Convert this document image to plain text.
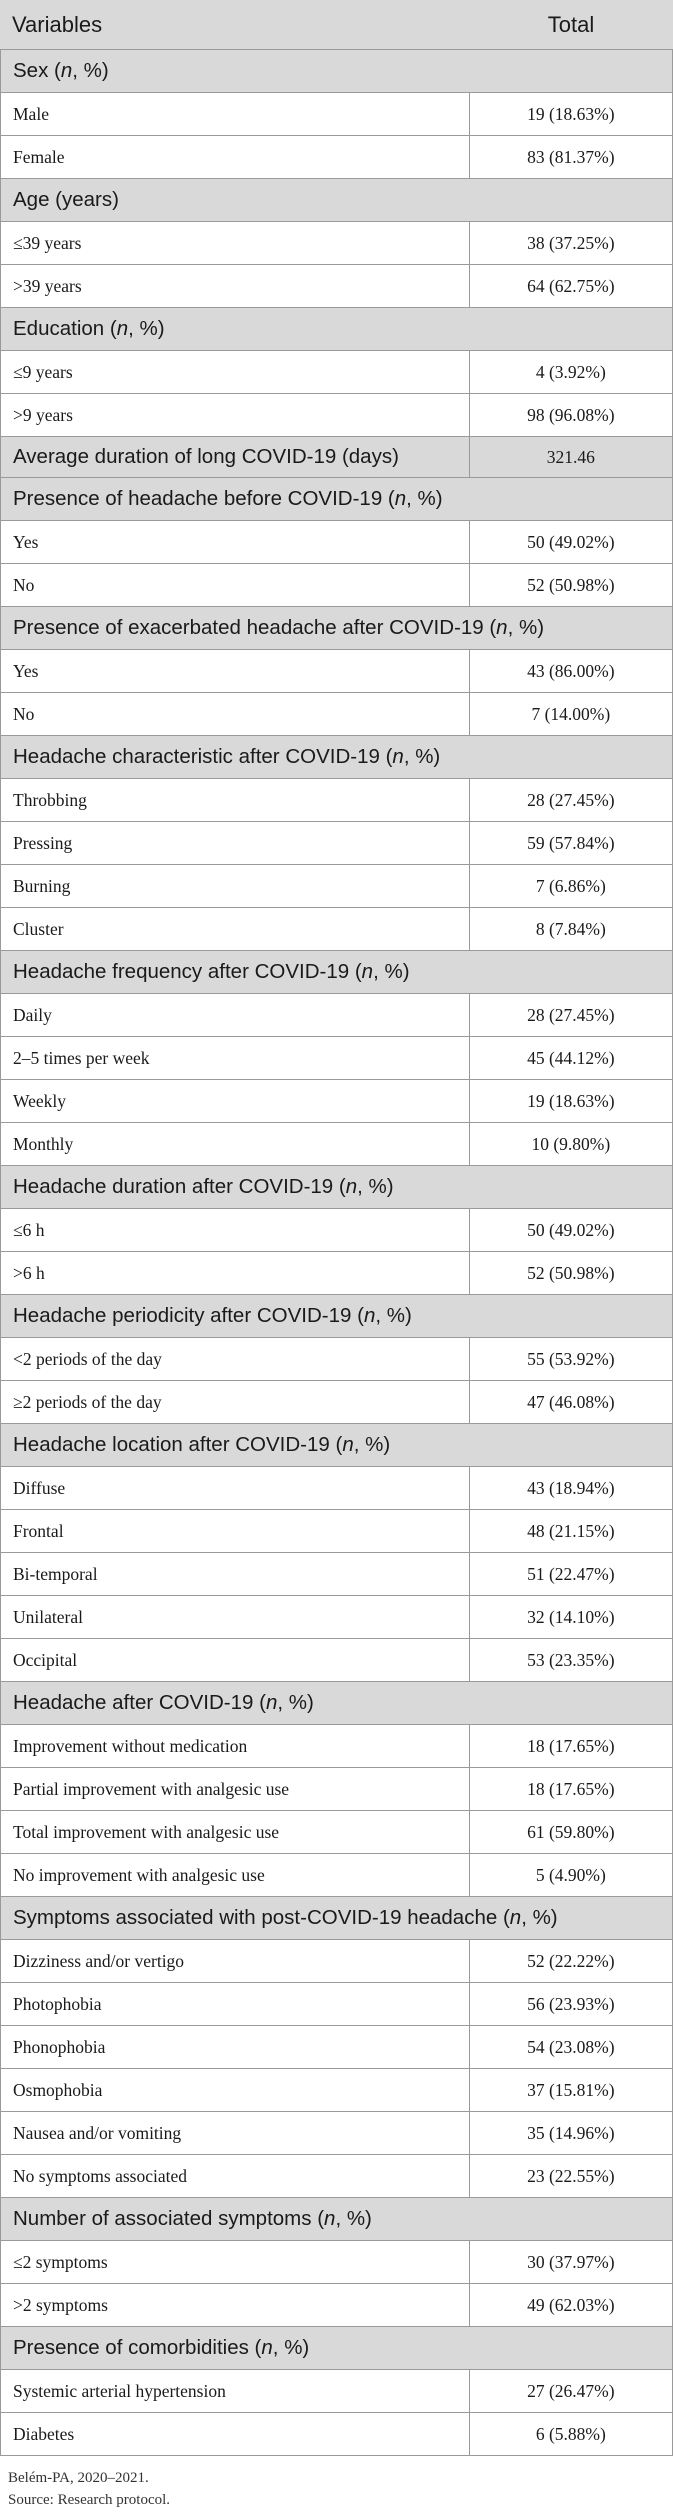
Variables	Total
Sex ( n , %)
Male	19 (18.63%)
Female	83 (81.37%)
Age (years)
≤39 years	38 (37.25%)
>39 years	64 (62.75%)
Education ( n , %)
≤9 years	4 (3.92%)
>9 years	98 (96.08%)
Average duration of long COVID-19 (days)	321.46
Presence of headache before COVID-19 ( n , %)
Yes	50 (49.02%)
No	52 (50.98%)
Presence of exacerbated headache after COVID-19 ( n , %)
Yes	43 (86.00%)
No	7 (14.00%)
Headache characteristic after COVID-19 ( n , %)
Throbbing	28 (27.45%)
Pressing	59 (57.84%)
Burning	7 (6.86%)
Cluster	8 (7.84%)
Headache frequency after COVID-19 ( n , %)
Daily	28 (27.45%)
2–5 times per week	45 (44.12%)
Weekly	19 (18.63%)
Monthly	10 (9.80%)
Headache duration after COVID-19 ( n , %)
≤6 h	50 (49.02%)
>6 h	52 (50.98%)
Headache periodicity after COVID-19 ( n , %)
<2 periods of the day	55 (53.92%)
≥2 periods of the day	47 (46.08%)
Headache location after COVID-19 ( n , %)
Diffuse	43 (18.94%)
Frontal	48 (21.15%)
Bi-temporal	51 (22.47%)
Unilateral	32 (14.10%)
Occipital	53 (23.35%)
Headache after COVID-19 ( n , %)
Improvement without medication	18 (17.65%)
Partial improvement with analgesic use	18 (17.65%)
Total improvement with analgesic use	61 (59.80%)
No improvement with analgesic use	5 (4.90%)
Symptoms associated with post-COVID-19 headache ( n , %)
Dizziness and/or vertigo	52 (22.22%)
Photophobia	56 (23.93%)
Phonophobia	54 (23.08%)
Osmophobia	37 (15.81%)
Nausea and/or vomiting	35 (14.96%)
No symptoms associated	23 (22.55%)
Number of associated symptoms ( n , %)
≤2 symptoms	30 (37.97%)
>2 symptoms	49 (62.03%)
Presence of comorbidities ( n , %)
Systemic arterial hypertension	27 (26.47%)
Diabetes	6 (5.88%)
Belém-PA, 2020–2021.
Source: Research protocol.
